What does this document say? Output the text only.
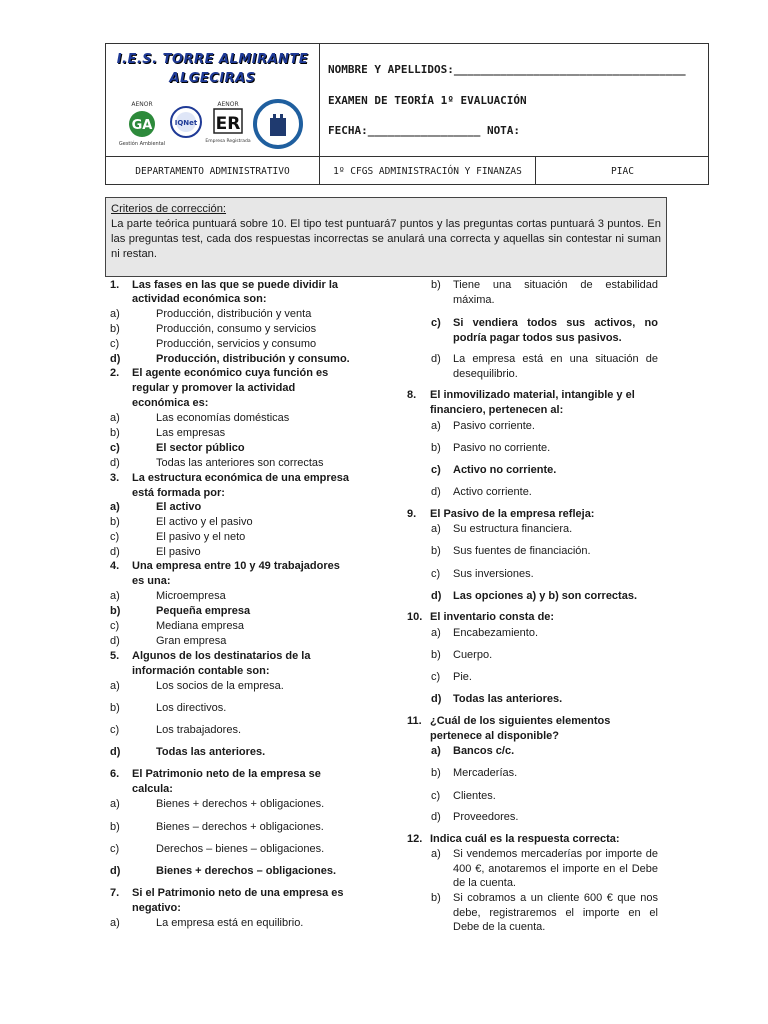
I.E.S. TORRE ALMIRANTE
ALGECIRAS
AENOR
GA
Gestión Ambiental
IQNet
AENOR
ER
Empresa Registrada
NOMBRE Y APELLIDOS:___________________________________
EXAMEN DE TEORÍA 1º EVALUACIÓN
FECHA:_________________ NOTA:
DEPARTAMENTO ADMINISTRATIVO	1º CFGS ADMINISTRACIÓN Y FINANZAS	PIAC
Criterios de corrección:
La parte teórica puntuará sobre 10. El tipo test puntuará7 puntos y las preguntas cortas puntuará 3 puntos. En las preguntas test, cada dos respuestas incorrectas se anulará una correcta y aquellas sin contestar ni suman ni restan.
1. Las fases en las que se puede dividir la
actividad económica son:
a)	Producción, distribución y venta
b)	Producción, consumo y servicios
c)	Producción, servicios y consumo
d)	Producción, distribución y consumo.
2. El agente económico cuya función es
regular y promover la actividad
económica es:
a)	Las economías domésticas
b)	Las empresas
c)	El sector público
d)	Todas las anteriores son correctas
3. La estructura económica de una empresa
está formada por:
a)	El activo
b)	El activo y el pasivo
c)	El pasivo y el neto
d)	El pasivo
4. Una empresa entre 10 y 49 trabajadores
es una:
a)	Microempresa
b)	Pequeña empresa
c)	Mediana empresa
d)	Gran empresa
5. Algunos de los destinatarios de la
información contable son:
a)	Los socios de la empresa.
b)	Los directivos.
c)	Los trabajadores.
d)	Todas las anteriores.
6. El Patrimonio neto de la empresa se
calcula:
a)	Bienes + derechos + obligaciones.
b)	Bienes – derechos + obligaciones.
c)	Derechos – bienes – obligaciones.
d)	Bienes + derechos – obligaciones.
7. Si el Patrimonio neto de una empresa es
negativo:
a)	La empresa está en equilibrio.
b) Tiene una situación de estabilidad máxima.
c) Si vendiera todos sus activos, no podría pagar todos sus pasivos.
d) La empresa está en una situación de desequilibrio.
8. El inmovilizado material, intangible y el
financiero, pertenecen al:
a) Pasivo corriente.
b) Pasivo no corriente.
c) Activo no corriente.
d) Activo corriente.
9. El Pasivo de la empresa refleja:
a) Su estructura financiera.
b) Sus fuentes de financiación.
c) Sus inversiones.
d) Las opciones a) y b) son correctas.
10. El inventario consta de:
a) Encabezamiento.
b) Cuerpo.
c) Pie.
d) Todas las anteriores.
11. ¿Cuál de los siguientes elementos
pertenece al disponible?
a) Bancos c/c.
b) Mercaderías.
c) Clientes.
d) Proveedores.
12. Indica cuál es la respuesta correcta:
a) Si vendemos mercaderías por importe de 400 €, anotaremos el importe en el Debe de la cuenta.
b) Si cobramos a un cliente 600 € que nos debe, registraremos el importe en el Debe de la cuenta.
